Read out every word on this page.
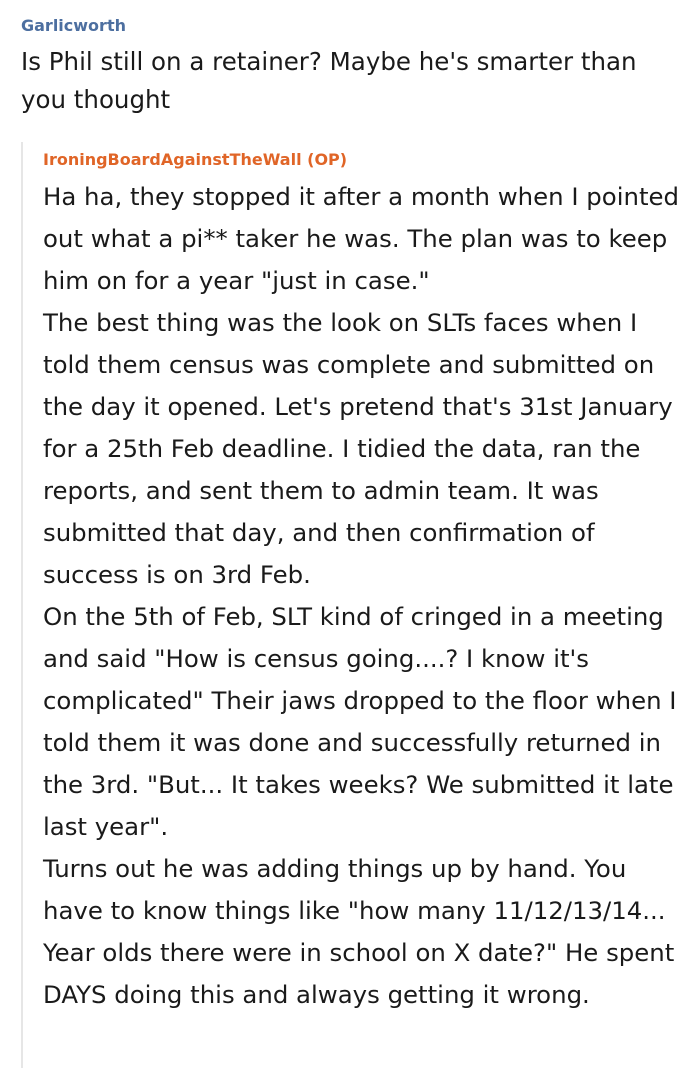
Garlicworth
Is Phil still on a retainer? Maybe he's smarter than you thought
IroningBoardAgainstTheWall (OP)

Ha ha, they stopped it after a month when I pointed out what a pi** taker he was. The plan was to keep him on for a year "just in case."

The best thing was the look on SLTs faces when I told them census was complete and submitted on the day it opened. Let's pretend that's 31st January for a 25th Feb deadline. I tidied the data, ran the reports, and sent them to admin team. It was submitted that day, and then confirmation of success is on 3rd Feb.

On the 5th of Feb, SLT kind of cringed in a meeting and said "How is census going....? I know it's complicated" Their jaws dropped to the floor when I told them it was done and successfully returned in the 3rd. "But... It takes weeks? We submitted it late last year".

Turns out he was adding things up by hand. You have to know things like "how many 11/12/13/14... Year olds there were in school on X date?" He spent DAYS doing this and always getting it wrong.
